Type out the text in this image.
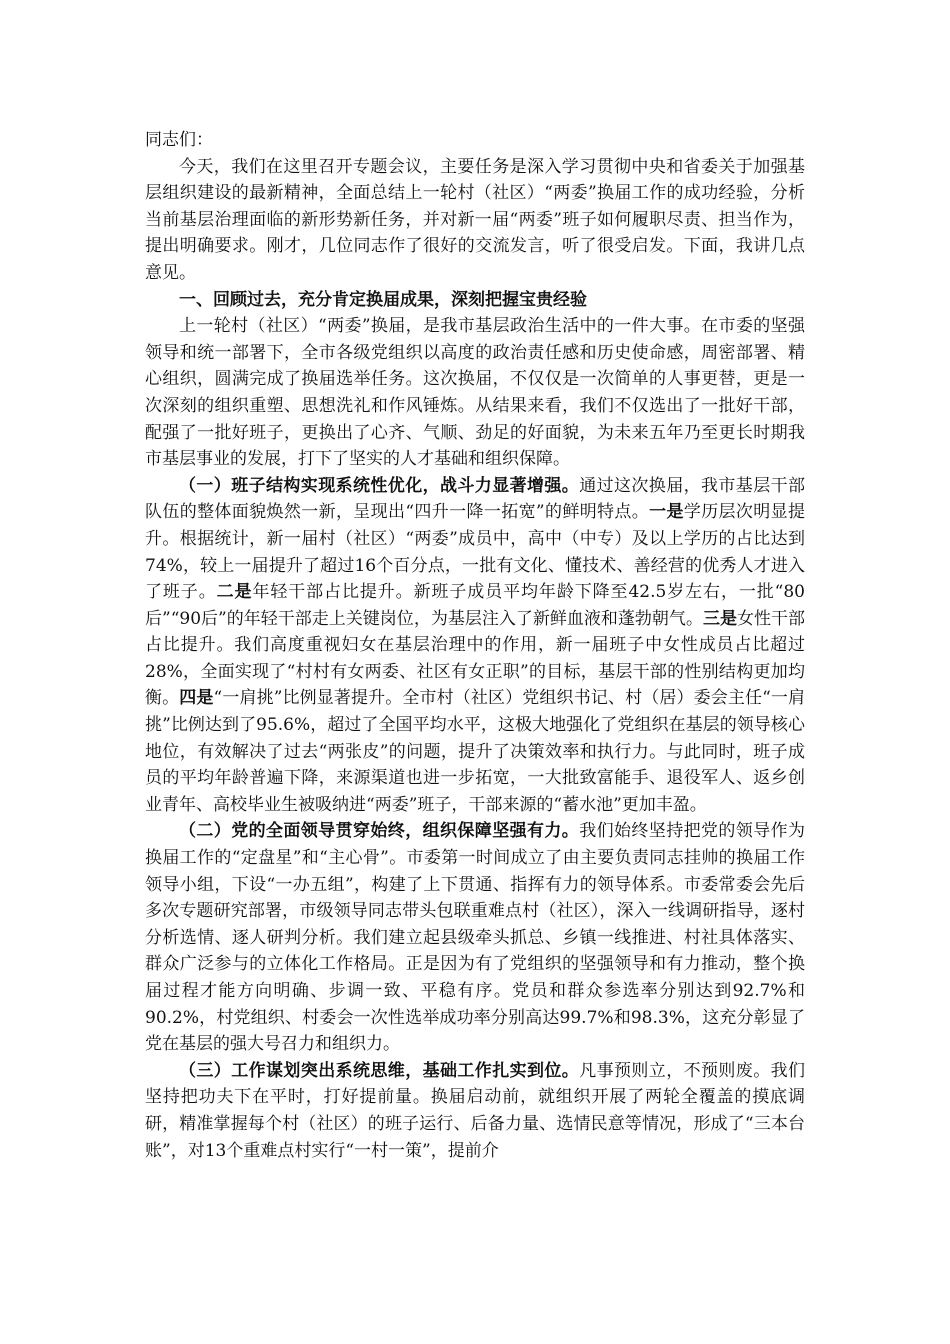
同志们：

今天，我们在这里召开专题会议，主要任务是深入学习贯彻中央和省委关于加强基层组织建设的最新精神，全面总结上一轮村（社区）“两委”换届工作的成功经验，分析当前基层治理面临的新形势新任务，并对新一届“两委”班子如何履职尽责、担当作为，提出明确要求。刚才，几位同志作了很好的交流发言，听了很受启发。下面，我讲几点意见。

一、回顾过去，充分肯定换届成果，深刻把握宝贵经验

上一轮村（社区）“两委”换届，是我市基层政治生活中的一件大事。在市委的坚强领导和统一部署下，全市各级党组织以高度的政治责任感和历史使命感，周密部署、精心组织，圆满完成了换届选举任务。这次换届，不仅仅是一次简单的人事更替，更是一次深刻的组织重塑、思想洗礼和作风锤炼。从结果来看，我们不仅选出了一批好干部，配强了一批好班子，更换出了心齐、气顺、劲足的好面貌，为未来五年乃至更长时期我市基层事业的发展，打下了坚实的人才基础和组织保障。

（一）班子结构实现系统性优化，战斗力显著增强。通过这次换届，我市基层干部队伍的整体面貌焕然一新，呈现出“四升一降一拓宽”的鲜明特点。一是学历层次明显提升。根据统计，新一届村（社区）“两委”成员中，高中（中专）及以上学历的占比达到74%，较上一届提升了超过16个百分点，一批有文化、懂技术、善经营的优秀人才进入了班子。二是年轻干部占比提升。新班子成员平均年龄下降至42.5岁左右，一批“80后”“90后”的年轻干部走上关键岗位，为基层注入了新鲜血液和蓬勃朝气。三是女性干部占比提升。我们高度重视妇女在基层治理中的作用，新一届班子中女性成员占比超过28%，全面实现了“村村有女两委、社区有女正职”的目标，基层干部的性别结构更加均衡。四是“一肩挑”比例显著提升。全市村（社区）党组织书记、村（居）委会主任“一肩挑”比例达到了95.6%，超过了全国平均水平，这极大地强化了党组织在基层的领导核心地位，有效解决了过去“两张皮”的问题，提升了决策效率和执行力。与此同时，班子成员的平均年龄普遍下降，来源渠道也进一步拓宽，一大批致富能手、退役军人、返乡创业青年、高校毕业生被吸纳进“两委”班子，干部来源的“蓄水池”更加丰盈。

（二）党的全面领导贯穿始终，组织保障坚强有力。我们始终坚持把党的领导作为换届工作的“定盘星”和“主心骨”。市委第一时间成立了由主要负责同志挂帅的换届工作领导小组，下设“一办五组”，构建了上下贯通、指挥有力的领导体系。市委常委会先后多次专题研究部署，市级领导同志带头包联重难点村（社区），深入一线调研指导，逐村分析选情、逐人研判分析。我们建立起县级牵头抓总、乡镇一线推进、村社具体落实、群众广泛参与的立体化工作格局。正是因为有了党组织的坚强领导和有力推动，整个换届过程才能方向明确、步调一致、平稳有序。党员和群众参选率分别达到92.7%和90.2%，村党组织、村委会一次性选举成功率分别高达99.7%和98.3%，这充分彰显了党在基层的强大号召力和组织力。

（三）工作谋划突出系统思维，基础工作扎实到位。凡事预则立，不预则废。我们坚持把功夫下在平时，打好提前量。换届启动前，就组织开展了两轮全覆盖的摸底调研，精准掌握每个村（社区）的班子运行、后备力量、选情民意等情况，形成了“三本台账”，对13个重难点村实行“一村一策”，提前介
